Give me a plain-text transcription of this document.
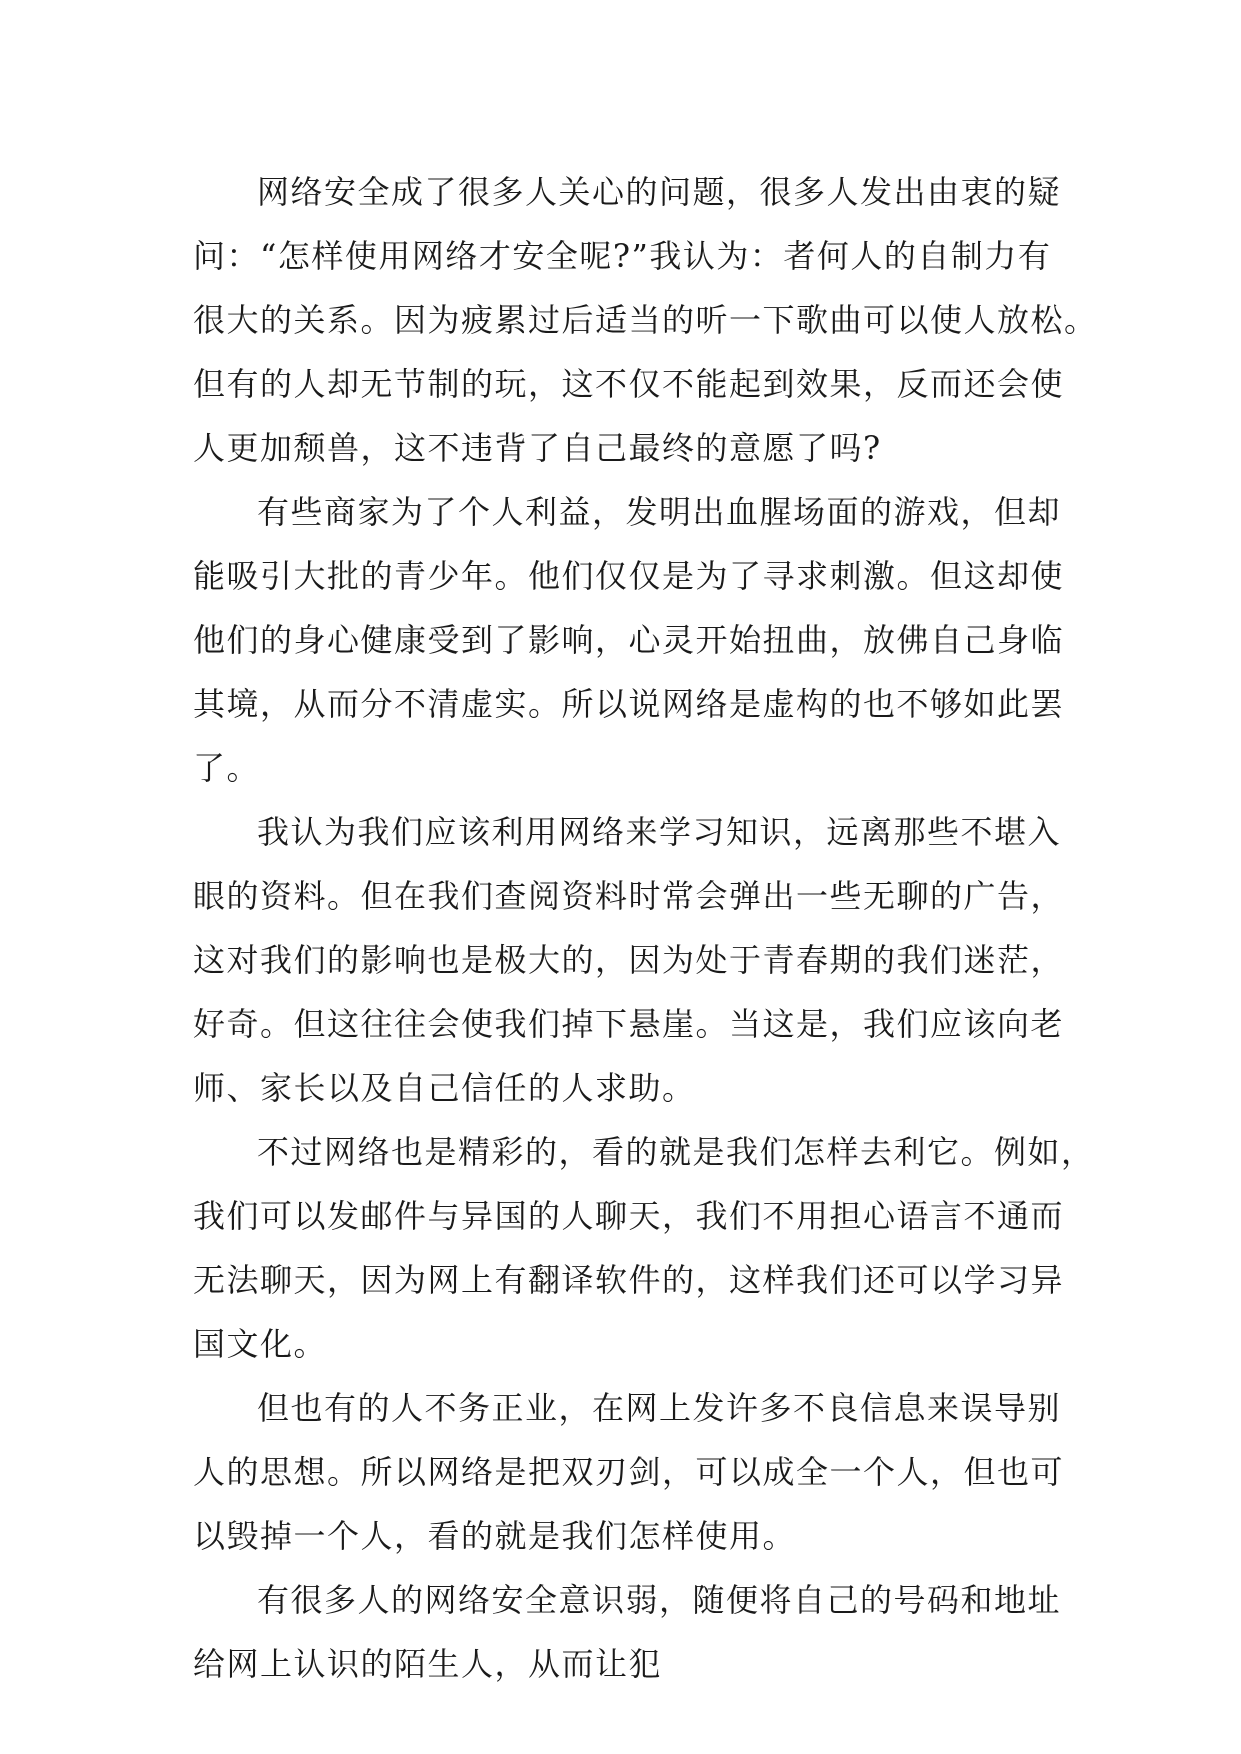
网络安全成了很多人关心的问题，很多人发出由衷的疑
问：“怎样使用网络才安全呢?”我认为：者何人的自制力有
很大的关系。因为疲累过后适当的听一下歌曲可以使人放松。
但有的人却无节制的玩，这不仅不能起到效果，反而还会使
人更加颓兽，这不违背了自己最终的意愿了吗?
有些商家为了个人利益，发明出血腥场面的游戏，但却
能吸引大批的青少年。他们仅仅是为了寻求刺激。但这却使
他们的身心健康受到了影响，心灵开始扭曲，放佛自己身临
其境，从而分不清虚实。所以说网络是虚构的也不够如此罢
了。
我认为我们应该利用网络来学习知识，远离那些不堪入
眼的资料。但在我们查阅资料时常会弹出一些无聊的广告，
这对我们的影响也是极大的，因为处于青春期的我们迷茫，
好奇。但这往往会使我们掉下悬崖。当这是，我们应该向老
师、家长以及自己信任的人求助。
不过网络也是精彩的，看的就是我们怎样去利它。例如，
我们可以发邮件与异国的人聊天，我们不用担心语言不通而
无法聊天，因为网上有翻译软件的，这样我们还可以学习异
国文化。
但也有的人不务正业，在网上发许多不良信息来误导别
人的思想。所以网络是把双刃剑，可以成全一个人，但也可
以毁掉一个人，看的就是我们怎样使用。
有很多人的网络安全意识弱，随便将自己的号码和地址
给网上认识的陌生人，从而让犯
